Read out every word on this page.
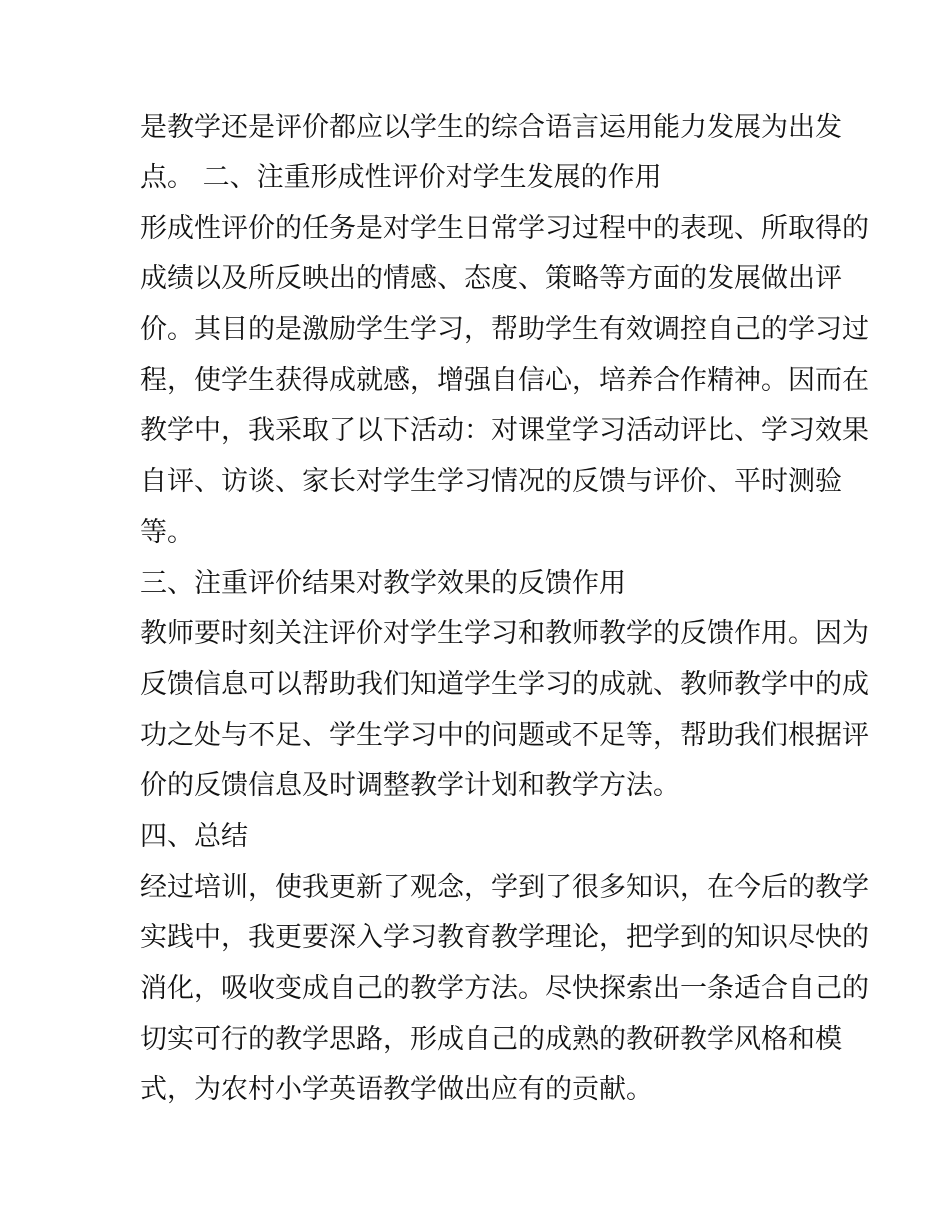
是教学还是评价都应以学生的综合语言运用能力发展为出发

点。 二、注重形成性评价对学生发展的作用

形成性评价的任务是对学生日常学习过程中的表现、所取得的

成绩以及所反映出的情感、态度、策略等方面的发展做出评

价。其目的是激励学生学习，帮助学生有效调控自己的学习过

程，使学生获得成就感，增强自信心，培养合作精神。因而在

教学中，我采取了以下活动：对课堂学习活动评比、学习效果

自评、访谈、家长对学生学习情况的反馈与评价、平时测验

等。

三、注重评价结果对教学效果的反馈作用

教师要时刻关注评价对学生学习和教师教学的反馈作用。因为

反馈信息可以帮助我们知道学生学习的成就、教师教学中的成

功之处与不足、学生学习中的问题或不足等，帮助我们根据评

价的反馈信息及时调整教学计划和教学方法。

四、总结

经过培训，使我更新了观念，学到了很多知识，在今后的教学

实践中，我更要深入学习教育教学理论，把学到的知识尽快的

消化，吸收变成自己的教学方法。尽快探索出一条适合自己的

切实可行的教学思路，形成自己的成熟的教研教学风格和模

式，为农村小学英语教学做出应有的贡献。
